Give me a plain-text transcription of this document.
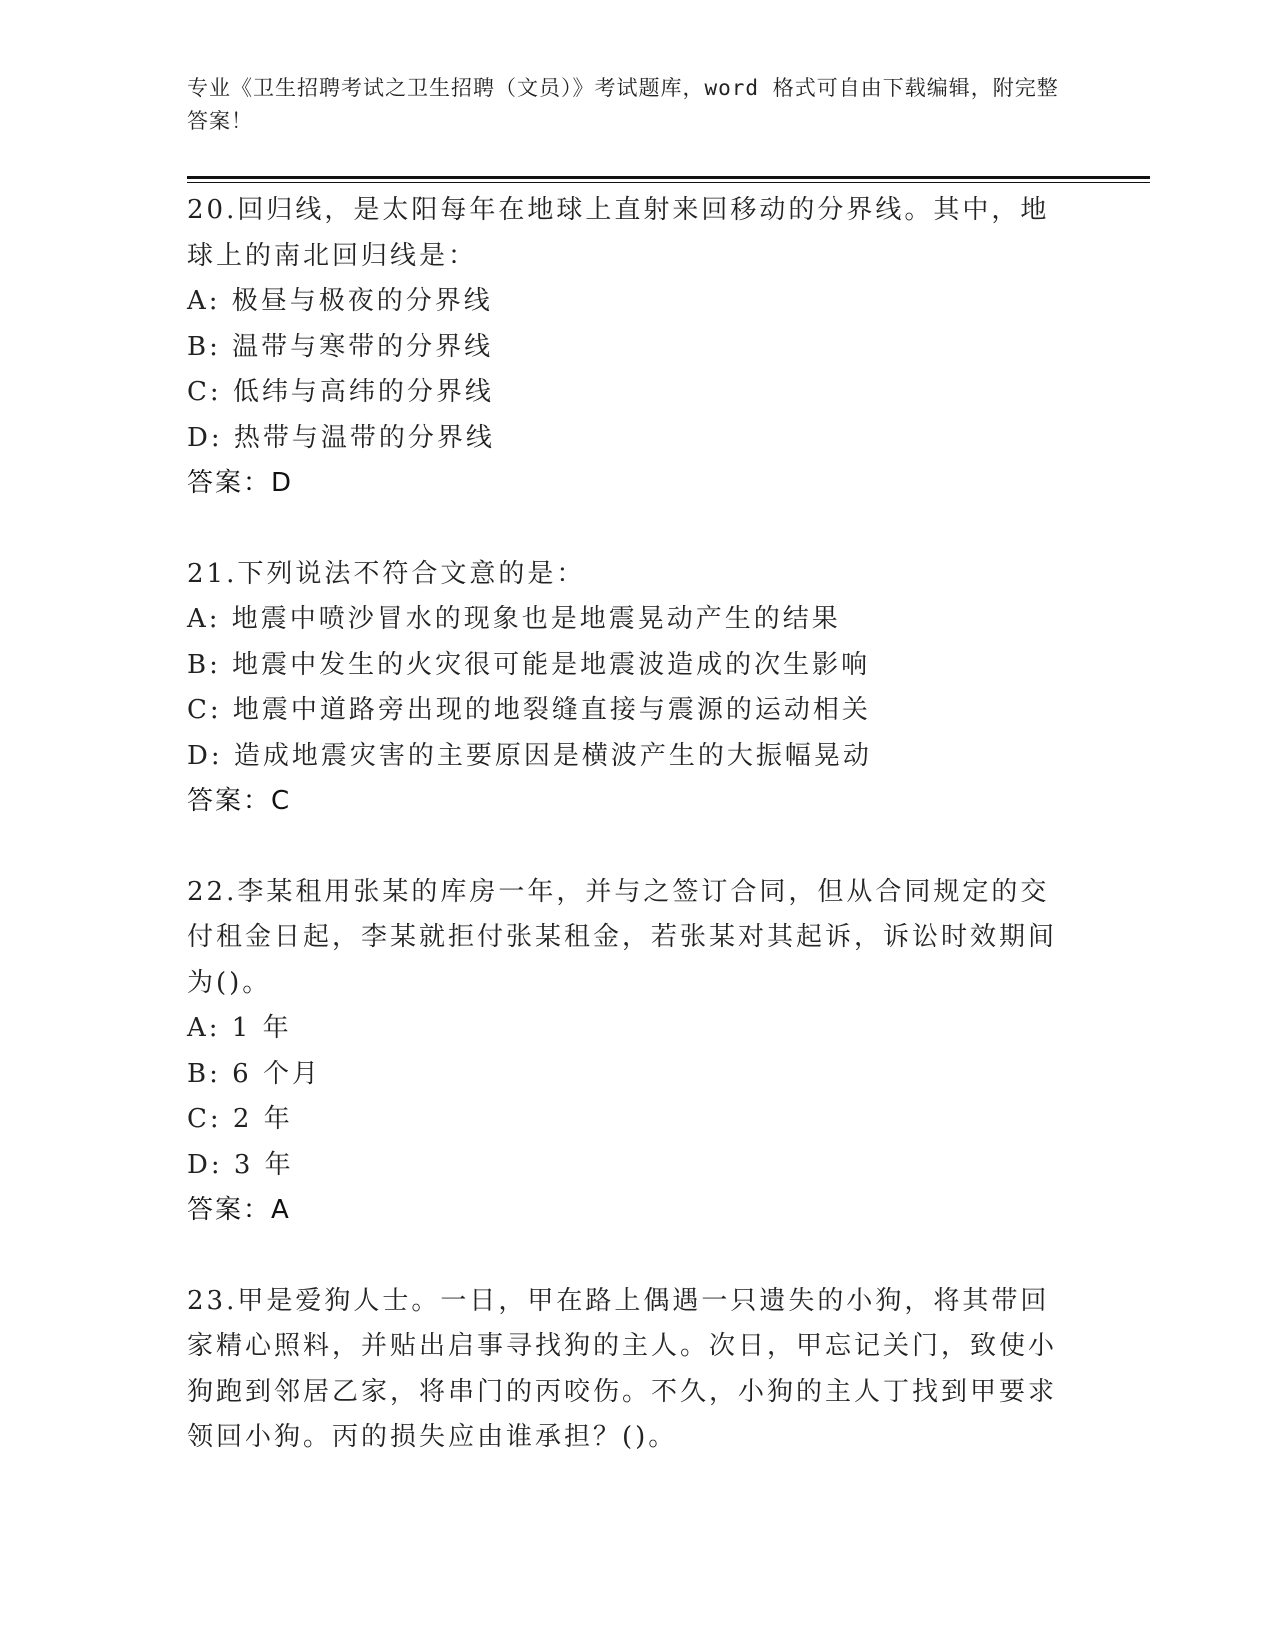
专业《卫生招聘考试之卫生招聘（文员）》考试题库，word 格式可自由下载编辑，附完整答案！
20.回归线，是太阳每年在地球上直射来回移动的分界线。其中，地球上的南北回归线是：
A: 极昼与极夜的分界线
B: 温带与寒带的分界线
C: 低纬与高纬的分界线
D: 热带与温带的分界线
答案：D
21.下列说法不符合文意的是：
A: 地震中喷沙冒水的现象也是地震晃动产生的结果
B: 地震中发生的火灾很可能是地震波造成的次生影响
C: 地震中道路旁出现的地裂缝直接与震源的运动相关
D: 造成地震灾害的主要原因是横波产生的大振幅晃动
答案：C
22.李某租用张某的库房一年，并与之签订合同，但从合同规定的交付租金日起，李某就拒付张某租金，若张某对其起诉，诉讼时效期间为()。
A: 1 年
B: 6 个月
C: 2 年
D: 3 年
答案：A
23.甲是爱狗人士。一日，甲在路上偶遇一只遗失的小狗，将其带回家精心照料，并贴出启事寻找狗的主人。次日，甲忘记关门，致使小狗跑到邻居乙家，将串门的丙咬伤。不久，小狗的主人丁找到甲要求领回小狗。丙的损失应由谁承担？()。
